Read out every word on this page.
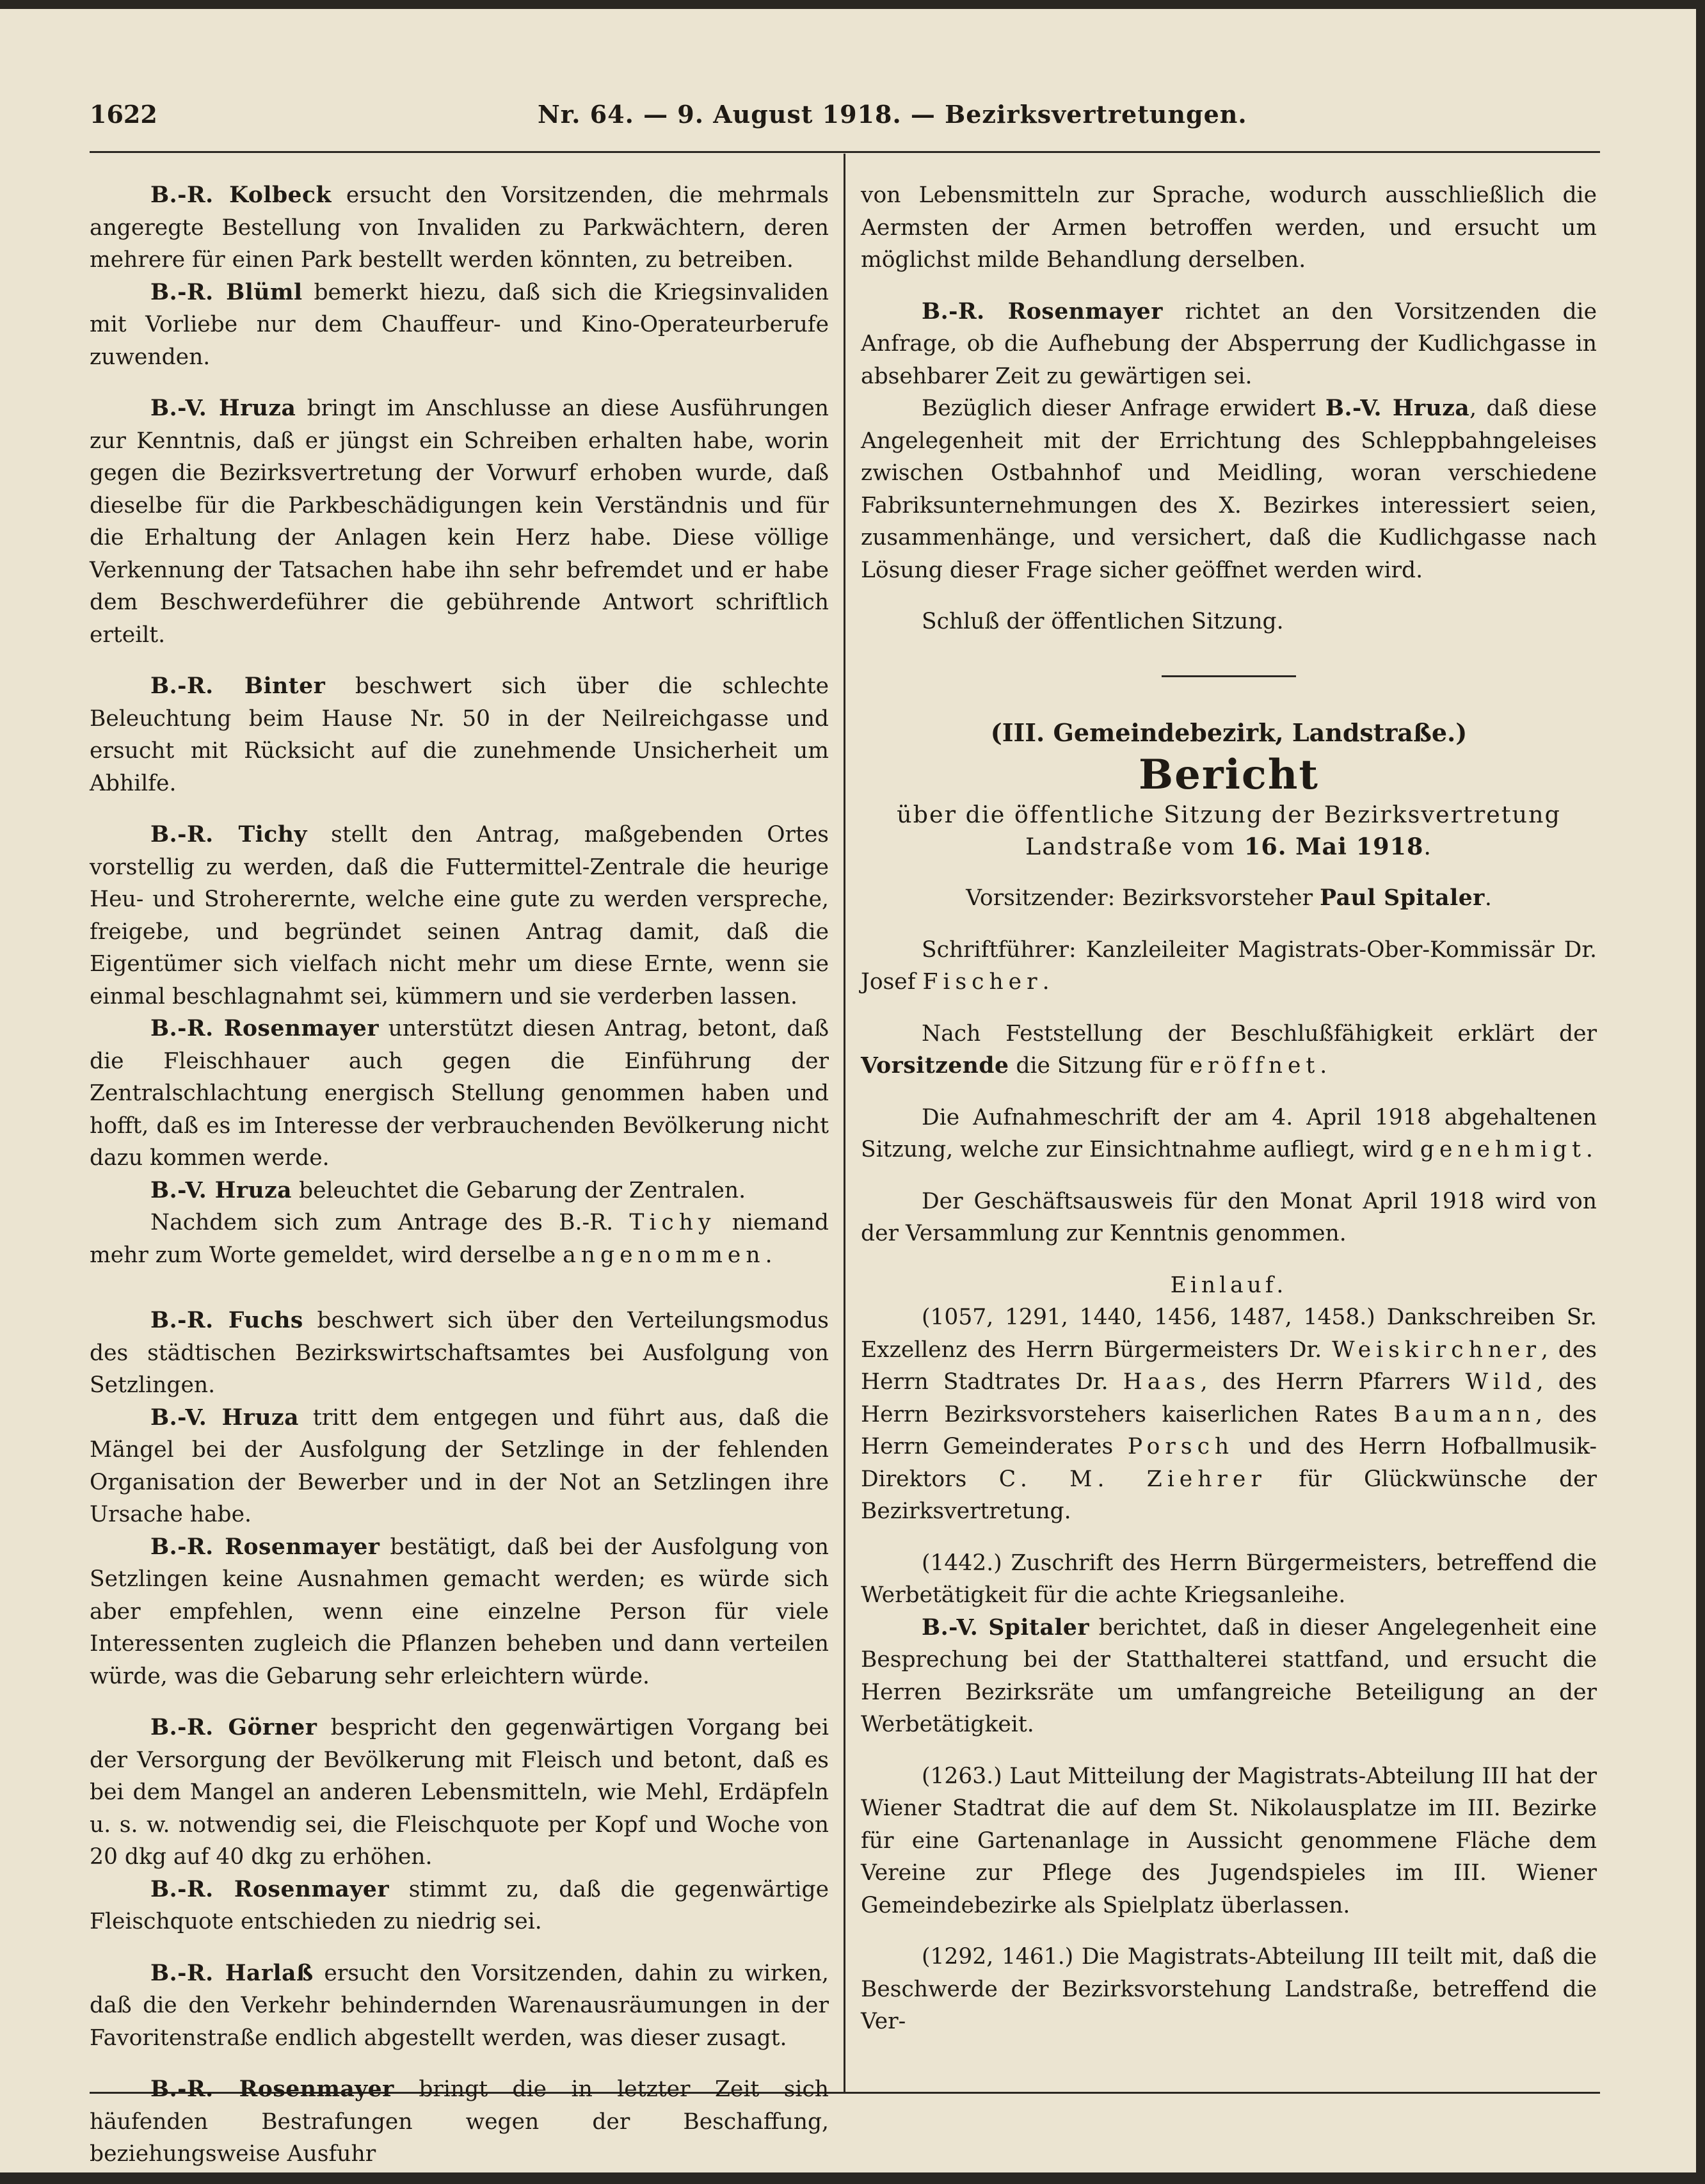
1622	Nr. 64. — 9. August 1918. — Bezirksvertretungen.

B.-R. Kolbeck ersucht den Vorsitzenden, die mehrmals angeregte Bestellung von Invaliden zu Parkwächtern, deren mehrere für einen Park bestellt werden könnten, zu betreiben.

B.-R. Blüml bemerkt hiezu, daß sich die Kriegsinvaliden mit Vorliebe nur dem Chauffeur- und Kino-Operateurberufe zuwenden.

B.-V. Hruza bringt im Anschlusse an diese Ausführungen zur Kenntnis, daß er jüngst ein Schreiben erhalten habe, worin gegen die Bezirksvertretung der Vorwurf erhoben wurde, daß dieselbe für die Parkbeschädigungen kein Verständnis und für die Erhaltung der Anlagen kein Herz habe. Diese völlige Verkennung der Tatsachen habe ihn sehr befremdet und er habe dem Beschwerdeführer die gebührende Antwort schriftlich erteilt.

B.-R. Binter beschwert sich über die schlechte Beleuchtung beim Hause Nr. 50 in der Neilreichgasse und ersucht mit Rücksicht auf die zunehmende Unsicherheit um Abhilfe.

B.-R. Tichy stellt den Antrag, maßgebenden Ortes vorstellig zu werden, daß die Futtermittel-Zentrale die heurige Heu- und Stroherernte, welche eine gute zu werden verspreche, freigebe, und begründet seinen Antrag damit, daß die Eigentümer sich vielfach nicht mehr um diese Ernte, wenn sie einmal beschlagnahmt sei, kümmern und sie verderben lassen.

B.-R. Rosenmayer unterstützt diesen Antrag, betont, daß die Fleischhauer auch gegen die Einführung der Zentralschlachtung energisch Stellung genommen haben und hofft, daß es im Interesse der verbrauchenden Bevölkerung nicht dazu kommen werde.

B.-V. Hruza beleuchtet die Gebarung der Zentralen.

Nachdem sich zum Antrage des B.-R. Tichy niemand mehr zum Worte gemeldet, wird derselbe angenommen.

B.-R. Fuchs beschwert sich über den Verteilungsmodus des städtischen Bezirkswirtschaftsamtes bei Ausfolgung von Setzlingen.

B.-V. Hruza tritt dem entgegen und führt aus, daß die Mängel bei der Ausfolgung der Setzlinge in der fehlenden Organisation der Bewerber und in der Not an Setzlingen ihre Ursache habe.

B.-R. Rosenmayer bestätigt, daß bei der Ausfolgung von Setzlingen keine Ausnahmen gemacht werden; es würde sich aber empfehlen, wenn eine einzelne Person für viele Interessenten zugleich die Pflanzen beheben und dann verteilen würde, was die Gebarung sehr erleichtern würde.

B.-R. Görner bespricht den gegenwärtigen Vorgang bei der Versorgung der Bevölkerung mit Fleisch und betont, daß es bei dem Mangel an anderen Lebensmitteln, wie Mehl, Erdäpfeln u. s. w. notwendig sei, die Fleischquote per Kopf und Woche von 20 dkg auf 40 dkg zu erhöhen.

B.-R. Rosenmayer stimmt zu, daß die gegenwärtige Fleischquote entschieden zu niedrig sei.

B.-R. Harlaß ersucht den Vorsitzenden, dahin zu wirken, daß die den Verkehr behindernden Warenausräumungen in der Favoritenstraße endlich abgestellt werden, was dieser zusagt.

B.-R. Rosenmayer bringt die in letzter Zeit sich häufenden Bestrafungen wegen der Beschaffung, beziehungsweise Ausfuhr

von Lebensmitteln zur Sprache, wodurch ausschließlich die Aermsten der Armen betroffen werden, und ersucht um möglichst milde Behandlung derselben.

B.-R. Rosenmayer richtet an den Vorsitzenden die Anfrage, ob die Aufhebung der Absperrung der Kudlichgasse in absehbarer Zeit zu gewärtigen sei.

Bezüglich dieser Anfrage erwidert B.-V. Hruza, daß diese Angelegenheit mit der Errichtung des Schleppbahngeleises zwischen Ostbahnhof und Meidling, woran verschiedene Fabriksunternehmungen des X. Bezirkes interessiert seien, zusammenhänge, und versichert, daß die Kudlichgasse nach Lösung dieser Frage sicher geöffnet werden wird.

Schluß der öffentlichen Sitzung.

(III. Gemeindebezirk, Landstraße.)

Bericht

über die öffentliche Sitzung der Bezirksvertretung

Landstraße vom 16. Mai 1918.

Vorsitzender: Bezirksvorsteher Paul Spitaler.

Schriftführer: Kanzleileiter Magistrats-Ober-Kommissär Dr. Josef Fischer.

Nach Feststellung der Beschlußfähigkeit erklärt der Vorsitzende die Sitzung für eröffnet.

Die Aufnahmeschrift der am 4. April 1918 abgehaltenen Sitzung, welche zur Einsichtnahme aufliegt, wird genehmigt.

Der Geschäftsausweis für den Monat April 1918 wird von der Versammlung zur Kenntnis genommen.

Einlauf.

(1057, 1291, 1440, 1456, 1487, 1458.) Dankschreiben Sr. Exzellenz des Herrn Bürgermeisters Dr. Weiskirchner, des Herrn Stadtrates Dr. Haas, des Herrn Pfarrers Wild, des Herrn Bezirksvorstehers kaiserlichen Rates Baumann, des Herrn Gemeinderates Porsch und des Herrn Hofballmusik-Direktors C. M. Ziehrer für Glückwünsche der Bezirksvertretung.

(1442.) Zuschrift des Herrn Bürgermeisters, betreffend die Werbetätigkeit für die achte Kriegsanleihe.

B.-V. Spitaler berichtet, daß in dieser Angelegenheit eine Besprechung bei der Statthalterei stattfand, und ersucht die Herren Bezirksräte um umfangreiche Beteiligung an der Werbetätigkeit.

(1263.) Laut Mitteilung der Magistrats-Abteilung III hat der Wiener Stadtrat die auf dem St. Nikolausplatze im III. Bezirke für eine Gartenanlage in Aussicht genommene Fläche dem Vereine zur Pflege des Jugendspieles im III. Wiener Gemeindebezirke als Spielplatz überlassen.

(1292, 1461.) Die Magistrats-Abteilung III teilt mit, daß die Beschwerde der Bezirksvorstehung Landstraße, betreffend die Ver-
